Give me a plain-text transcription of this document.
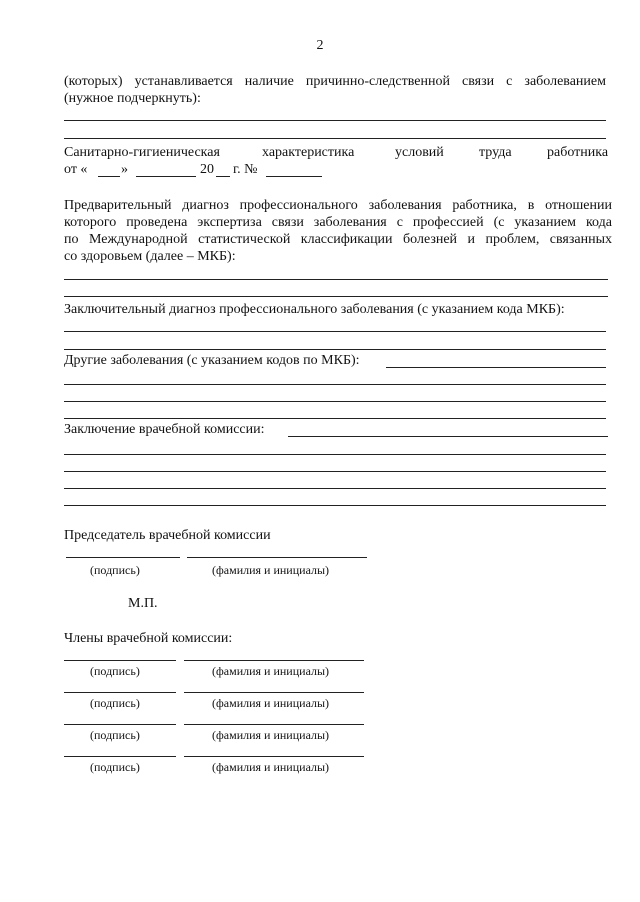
2
(которых) устанавливается наличие причинно-следственной связи с заболеванием
(нужное подчеркнуть):
Санитарно-гигиеническая	характеристика	условий	труда	работника
от « »	20 г. №
Предварительный диагноз профессионального заболевания работника, в отношении
которого проведена экспертиза связи заболевания с профессией (с указанием кода
по Международной статистической классификации болезней и проблем, связанных
со здоровьем (далее – МКБ):
Заключительный диагноз профессионального заболевания (с указанием кода МКБ):
Другие заболевания (с указанием кодов по МКБ):
Заключение врачебной комиссии:
Председатель врачебной комиссии
(подпись)	(фамилия и инициалы)
М.П.
Члены врачебной комиссии:
(подпись)	(фамилия и инициалы)
(подпись)	(фамилия и инициалы)
(подпись)	(фамилия и инициалы)
(подпись)	(фамилия и инициалы)
